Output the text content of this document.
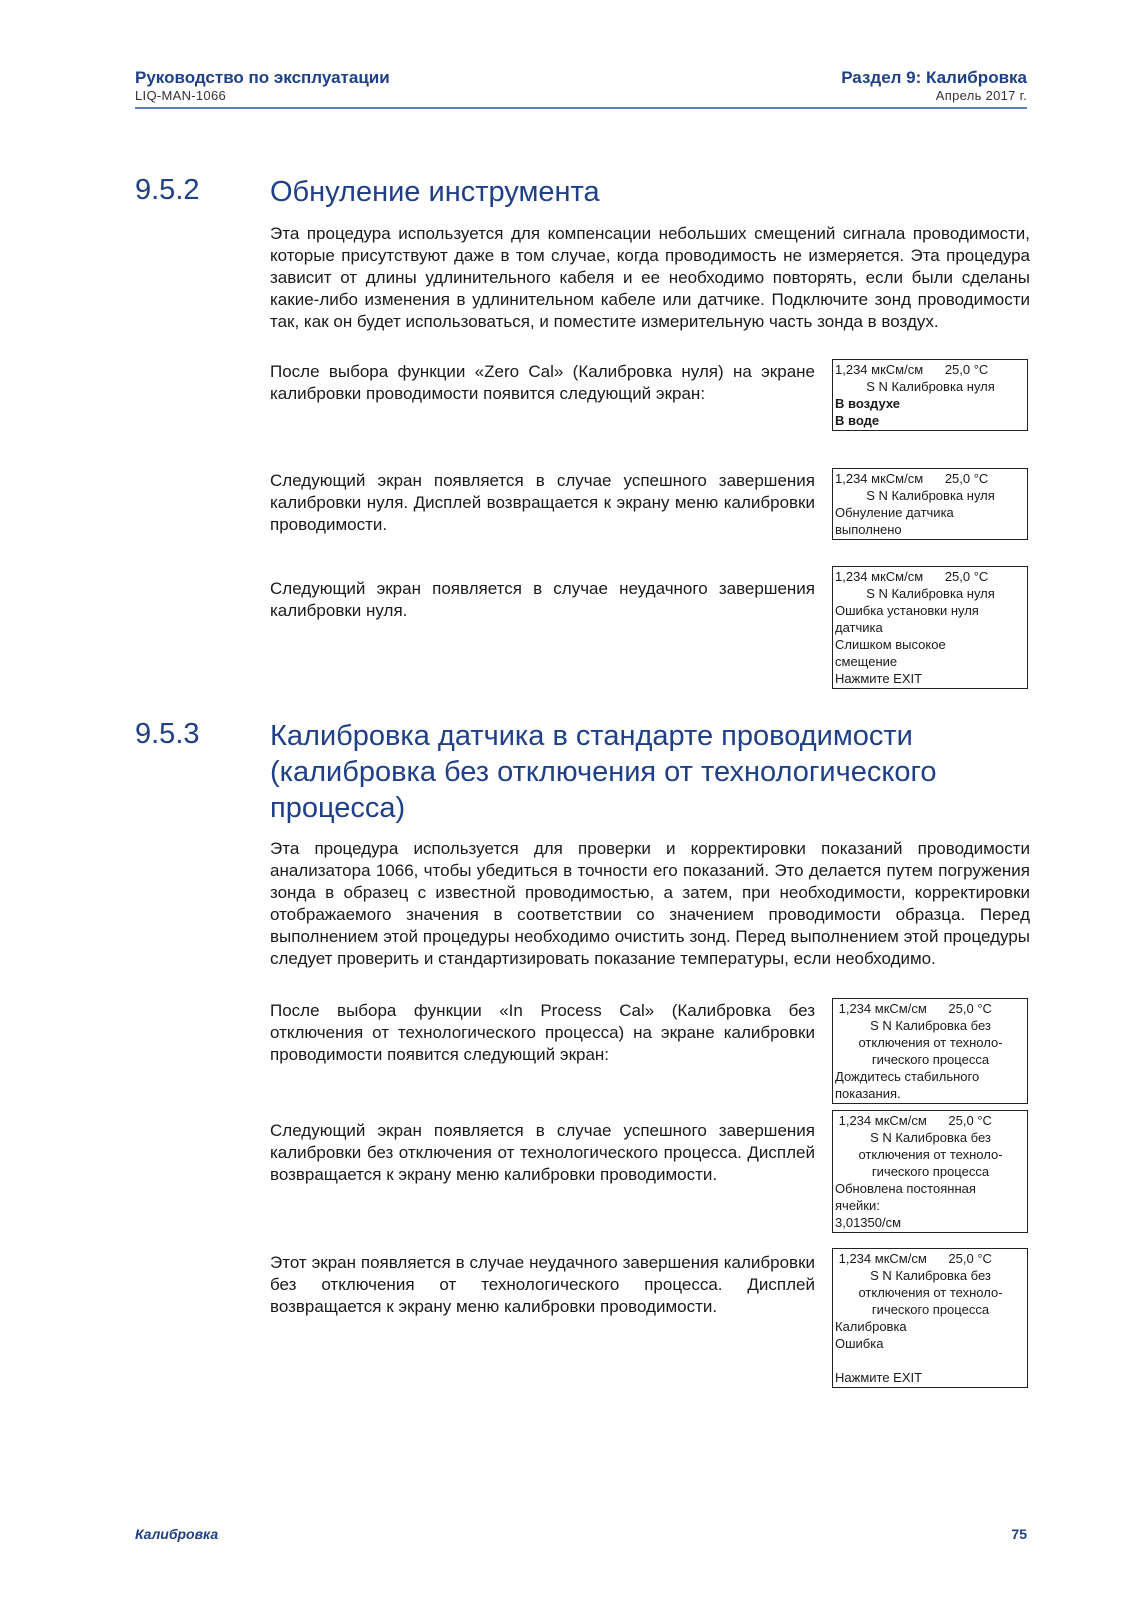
Руководство по эксплуатации
LIQ-MAN-1066
Раздел 9: Калибровка
Апрель 2017 г.
9.5.2 Обнуление инструмента
Эта процедура используется для компенсации небольших смещений сигнала проводимости, которые присутствуют даже в том случае, когда проводимость не измеряется. Эта процедура зависит от длины удлинительного кабеля и ее необходимо повторять, если были сделаны какие-либо изменения в удлинительном кабеле или датчике. Подключите зонд проводимости так, как он будет использоваться, и поместите измерительную часть зонда в воздух.
После выбора функции «Zero Cal» (Калибровка нуля) на экране калибровки проводимости появится следующий экран:
1,234 мкСм/см      25,0 °C
S N Калибровка нуля
В воздухе
В воде
Следующий экран появляется в случае успешного завершения калибровки нуля. Дисплей возвращается к экрану меню калибровки проводимости.
1,234 мкСм/см      25,0 °C
S N Калибровка нуля
Обнуление датчика
выполнено
Следующий экран появляется в случае неудачного завершения калибровки нуля.
1,234 мкСм/см      25,0 °C
S N Калибровка нуля
Ошибка установки нуля
датчика
Слишком высокое
смещение
Нажмите EXIT
9.5.3 Калибровка датчика в стандарте проводимости
(калибровка без отключения от технологического
процесса)
Эта процедура используется для проверки и корректировки показаний проводимости анализатора 1066, чтобы убедиться в точности его показаний. Это делается путем погружения зонда в образец с известной проводимостью, а затем, при необходимости, корректировки отображаемого значения в соответствии со значением проводимости образца. Перед выполнением этой процедуры необходимо очистить зонд. Перед выполнением этой процедуры следует проверить и стандартизировать показание температуры, если необходимо.
После выбора функции «In Process Cal» (Калибровка без отключения от технологического процесса) на экране калибровки проводимости появится следующий экран:
1,234 мкСм/см      25,0 °C
S N Калибровка без
отключения от техноло-
гического процесса
Дождитесь стабильного
показания.
Следующий экран появляется в случае успешного завершения калибровки без отключения от технологического процесса. Дисплей возвращается к экрану меню калибровки проводимости.
1,234 мкСм/см      25,0 °C
S N Калибровка без
отключения от техноло-
гического процесса
Обновлена постоянная
ячейки:
3,01350/см
Этот экран появляется в случае неудачного завершения калибровки без отключения от технологического процесса. Дисплей возвращается к экрану меню калибровки проводимости.
1,234 мкСм/см      25,0 °C
S N Калибровка без
отключения от техноло-
гического процесса
Калибровка
Ошибка
Нажмите EXIT
Калибровка	75
